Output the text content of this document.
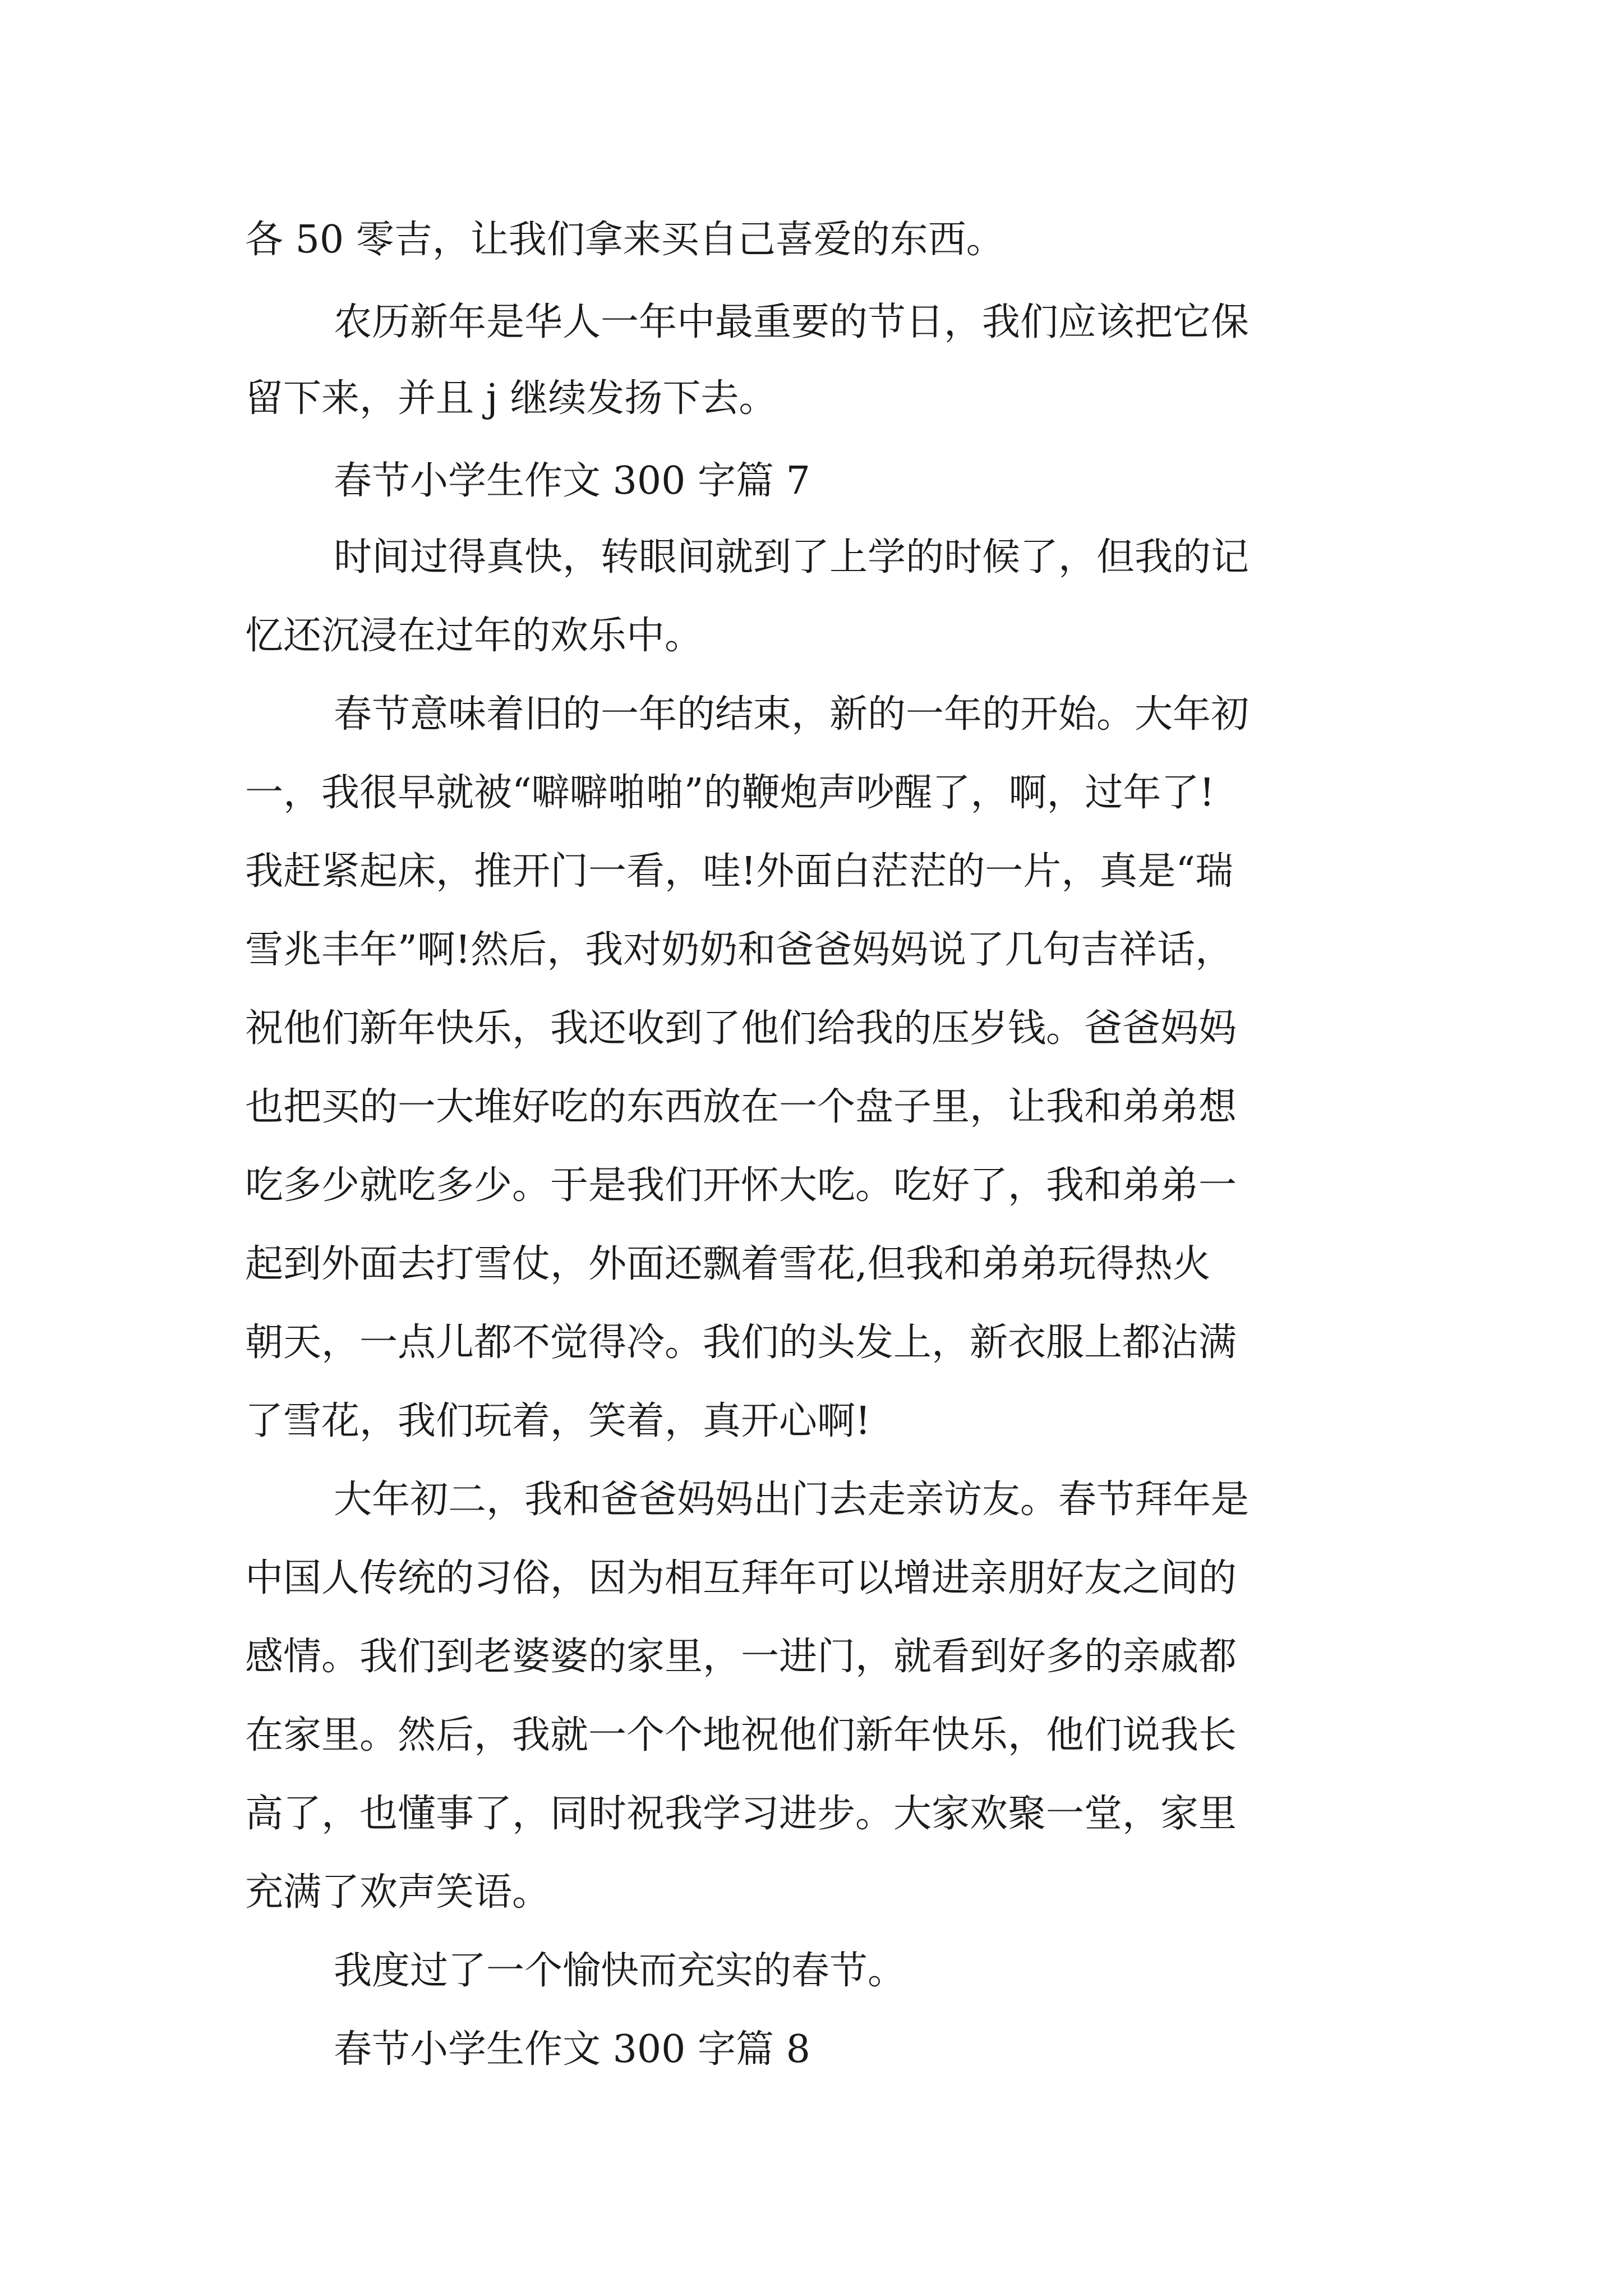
各 50 零吉，让我们拿来买自己喜爱的东西。
农历新年是华人一年中最重要的节日，我们应该把它保
留下来，并且 j 继续发扬下去。
春节小学生作文 300 字篇 7
时间过得真快，转眼间就到了上学的时候了，但我的记
忆还沉浸在过年的欢乐中。
春节意味着旧的一年的结束，新的一年的开始。大年初
一，我很早就被“噼噼啪啪”的鞭炮声吵醒了，啊，过年了!
我赶紧起床，推开门一看，哇!外面白茫茫的一片，真是“瑞
雪兆丰年”啊!然后，我对奶奶和爸爸妈妈说了几句吉祥话，
祝他们新年快乐，我还收到了他们给我的压岁钱。爸爸妈妈
也把买的一大堆好吃的东西放在一个盘子里，让我和弟弟想
吃多少就吃多少。于是我们开怀大吃。吃好了，我和弟弟一
起到外面去打雪仗，外面还飘着雪花,但我和弟弟玩得热火
朝天，一点儿都不觉得冷。我们的头发上，新衣服上都沾满
了雪花，我们玩着，笑着，真开心啊!
大年初二，我和爸爸妈妈出门去走亲访友。春节拜年是
中国人传统的习俗，因为相互拜年可以增进亲朋好友之间的
感情。我们到老婆婆的家里，一进门，就看到好多的亲戚都
在家里。然后，我就一个个地祝他们新年快乐，他们说我长
高了，也懂事了，同时祝我学习进步。大家欢聚一堂，家里
充满了欢声笑语。
我度过了一个愉快而充实的春节。
春节小学生作文 300 字篇 8
